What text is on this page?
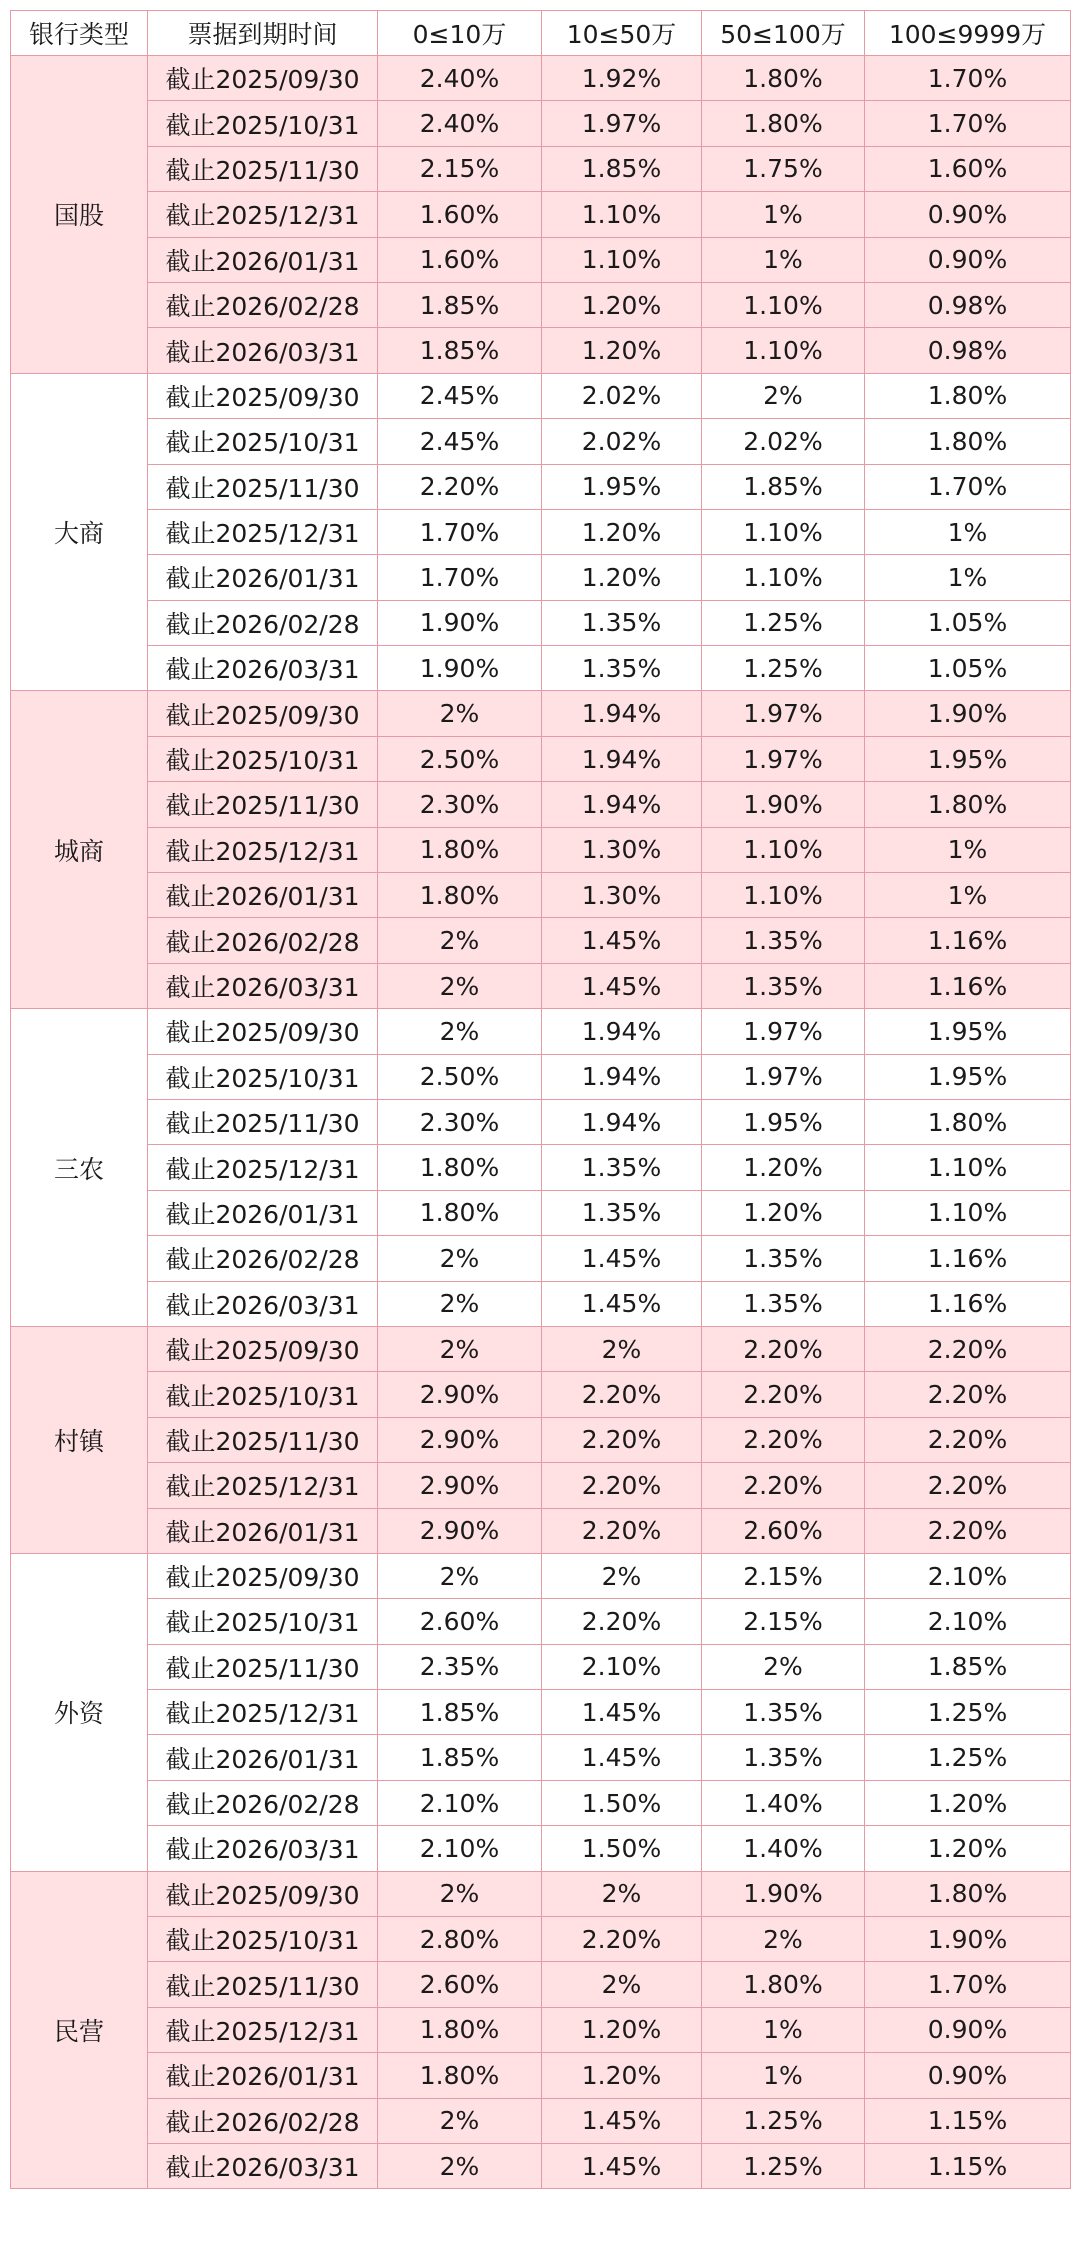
银行类型	票据到期时间	0≤10万	10≤50万	50≤100万	100≤9999万
国股	截止2025/09/30	2.40%	1.92%	1.80%	1.70%
	截止2025/10/31	2.40%	1.97%	1.80%	1.70%
	截止2025/11/30	2.15%	1.85%	1.75%	1.60%
	截止2025/12/31	1.60%	1.10%	1%	0.90%
	截止2026/01/31	1.60%	1.10%	1%	0.90%
	截止2026/02/28	1.85%	1.20%	1.10%	0.98%
	截止2026/03/31	1.85%	1.20%	1.10%	0.98%
大商	截止2025/09/30	2.45%	2.02%	2%	1.80%
	截止2025/10/31	2.45%	2.02%	2.02%	1.80%
	截止2025/11/30	2.20%	1.95%	1.85%	1.70%
	截止2025/12/31	1.70%	1.20%	1.10%	1%
	截止2026/01/31	1.70%	1.20%	1.10%	1%
	截止2026/02/28	1.90%	1.35%	1.25%	1.05%
	截止2026/03/31	1.90%	1.35%	1.25%	1.05%
城商	截止2025/09/30	2%	1.94%	1.97%	1.90%
	截止2025/10/31	2.50%	1.94%	1.97%	1.95%
	截止2025/11/30	2.30%	1.94%	1.90%	1.80%
	截止2025/12/31	1.80%	1.30%	1.10%	1%
	截止2026/01/31	1.80%	1.30%	1.10%	1%
	截止2026/02/28	2%	1.45%	1.35%	1.16%
	截止2026/03/31	2%	1.45%	1.35%	1.16%
三农	截止2025/09/30	2%	1.94%	1.97%	1.95%
	截止2025/10/31	2.50%	1.94%	1.97%	1.95%
	截止2025/11/30	2.30%	1.94%	1.95%	1.80%
	截止2025/12/31	1.80%	1.35%	1.20%	1.10%
	截止2026/01/31	1.80%	1.35%	1.20%	1.10%
	截止2026/02/28	2%	1.45%	1.35%	1.16%
	截止2026/03/31	2%	1.45%	1.35%	1.16%
村镇	截止2025/09/30	2%	2%	2.20%	2.20%
	截止2025/10/31	2.90%	2.20%	2.20%	2.20%
	截止2025/11/30	2.90%	2.20%	2.20%	2.20%
	截止2025/12/31	2.90%	2.20%	2.20%	2.20%
	截止2026/01/31	2.90%	2.20%	2.60%	2.20%
外资	截止2025/09/30	2%	2%	2.15%	2.10%
	截止2025/10/31	2.60%	2.20%	2.15%	2.10%
	截止2025/11/30	2.35%	2.10%	2%	1.85%
	截止2025/12/31	1.85%	1.45%	1.35%	1.25%
	截止2026/01/31	1.85%	1.45%	1.35%	1.25%
	截止2026/02/28	2.10%	1.50%	1.40%	1.20%
	截止2026/03/31	2.10%	1.50%	1.40%	1.20%
民营	截止2025/09/30	2%	2%	1.90%	1.80%
	截止2025/10/31	2.80%	2.20%	2%	1.90%
	截止2025/11/30	2.60%	2%	1.80%	1.70%
	截止2025/12/31	1.80%	1.20%	1%	0.90%
	截止2026/01/31	1.80%	1.20%	1%	0.90%
	截止2026/02/28	2%	1.45%	1.25%	1.15%
	截止2026/03/31	2%	1.45%	1.25%	1.15%
